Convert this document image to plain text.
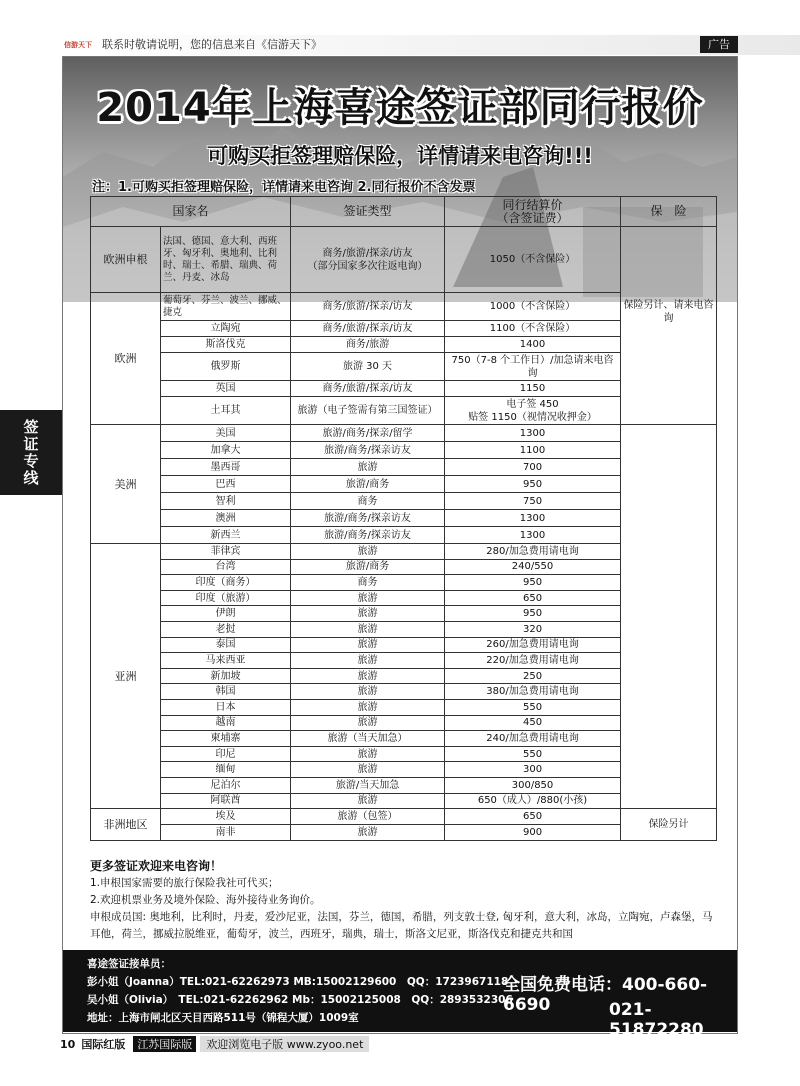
信游天下 联系时敬请说明，您的信息来自《信游天下》	广告
2014年上海喜途签证部同行报价
可购买拒签理赔保险，详情请来电咨询!!!
注：1.可购买拒签理赔保险，详情请来电咨询 2.同行报价不含发票
签证专线
国家名		签证类型	同行结算价
（含签证费）	保　险
欧洲申根	法国、德国、意大利、西班牙、匈牙利、奥地利、比利时、瑞士、希腊、瑞典、荷兰、丹麦、冰岛	商务/旅游/探亲/访友
（部分国家多次往返电询）	1050（不含保险）	保险另计、请来电咨询
欧洲	葡萄牙、芬兰、波兰、挪威、捷克	商务/旅游/探亲/访友	1000（不含保险）	
	立陶宛	商务/旅游/探亲/访友	1100（不含保险）	
	斯洛伐克	商务/旅游	1400	
	俄罗斯	旅游 30 天	750（7-8 个工作日）/加急请来电咨询	
	英国	商务/旅游/探亲/访友	1150	
	土耳其	旅游（电子签需有第三国签证）	电子签 450
贴签 1150（视情况收押金）	
美洲	美国	旅游/商务/探亲/留学	1300	
	加拿大	旅游/商务/探亲访友	1100	
	墨西哥	旅游	700	
	巴西	旅游/商务	950	
	智利	商务	750	
	澳洲	旅游/商务/探亲访友	1300	
	新西兰	旅游/商务/探亲访友	1300	
亚洲	菲律宾	旅游	280/加急费用请电询	
	台湾	旅游/商务	240/550	
	印度（商务）	商务	950	
	印度（旅游）	旅游	650	
	伊朗	旅游	950	
	老挝	旅游	320	
	泰国	旅游	260/加急费用请电询	
	马来西亚	旅游	220/加急费用请电询	
	新加坡	旅游	250	
	韩国	旅游	380/加急费用请电询	
	日本	旅游	550	
	越南	旅游	450	
	柬埔寨	旅游（当天加急）	240/加急费用请电询	
	印尼	旅游	550	
	缅甸	旅游	300	
	尼泊尔	旅游/当天加急	300/850	
	阿联酋	旅游	650（成人）/880(小孩)	
非洲地区	埃及	旅游（包签）	650	保险另计
	南非	旅游	900	
更多签证欢迎来电咨询！
1.申根国家需要的旅行保险我社可代买；
2.欢迎机票业务及境外保险、海外接待业务询价。
申根成员国: 奥地利，比利时，丹麦，爱沙尼亚，法国，芬兰，德国，希腊，列支敦士登, 匈牙利，意大利，冰岛，立陶宛，卢森堡，马耳他，荷兰，挪威拉脱维亚，葡萄牙，波兰，西班牙，瑞典，瑞士，斯洛文尼亚，斯洛伐克和捷克共和国
喜途签证接单员：
彭小姐（Joanna）TEL:021-62262973 MB:15002129600　QQ：1723967118
吴小姐（Olivia）　TEL:021-62262962 Mb：15002125008　QQ：2893532306
地址：上海市闸北区天目西路511号（锦程大厦）1009室
全国免费电话：400-660-6690	021-51872280
10 国际红版	江苏国际版	欢迎浏览电子版 www.zyoo.net
